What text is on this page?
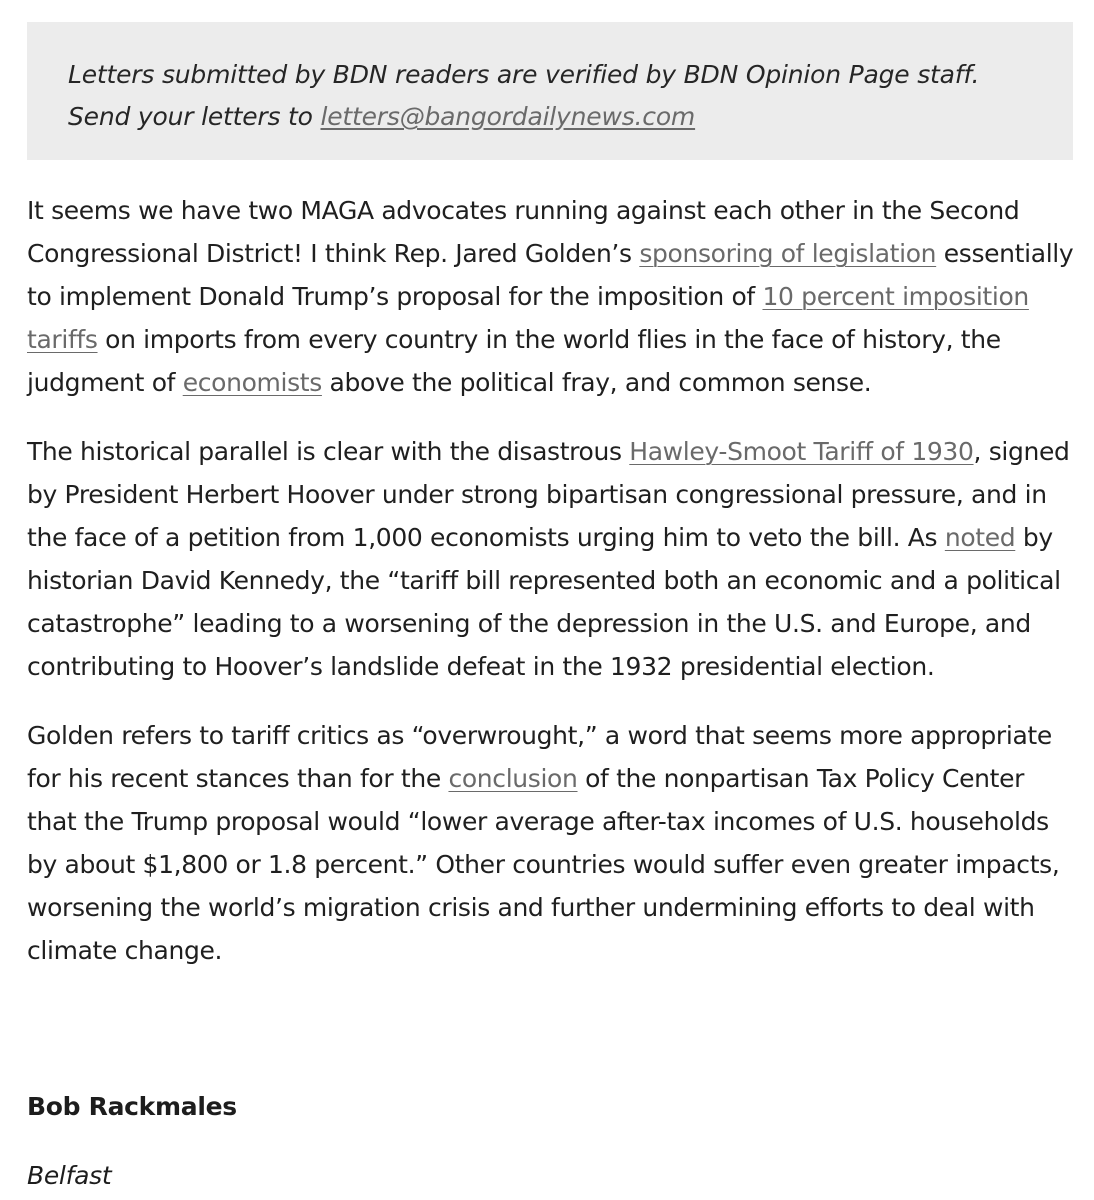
Letters submitted by BDN readers are verified by BDN Opinion Page staff.
Send your letters to letters@bangordailynews.com

It seems we have two MAGA advocates running against each other in the Second Congressional District! I think Rep. Jared Golden’s sponsoring of legislation essentially to implement Donald Trump’s proposal for the imposition of 10 percent imposition tariffs on imports from every country in the world flies in the face of history, the judgment of economists above the political fray, and common sense.

The historical parallel is clear with the disastrous Hawley-Smoot Tariff of 1930, signed by President Herbert Hoover under strong bipartisan congressional pressure, and in the face of a petition from 1,000 economists urging him to veto the bill. As noted by historian David Kennedy, the “tariff bill represented both an economic and a political catastrophe” leading to a worsening of the depression in the U.S. and Europe, and contributing to Hoover’s landslide defeat in the 1932 presidential election.

Golden refers to tariff critics as “overwrought,” a word that seems more appropriate for his recent stances than for the conclusion of the nonpartisan Tax Policy Center that the Trump proposal would “lower average after-tax incomes of U.S. households by about $1,800 or 1.8 percent.” Other countries would suffer even greater impacts, worsening the world’s migration crisis and further undermining efforts to deal with climate change.

Bob Rackmales
Belfast
